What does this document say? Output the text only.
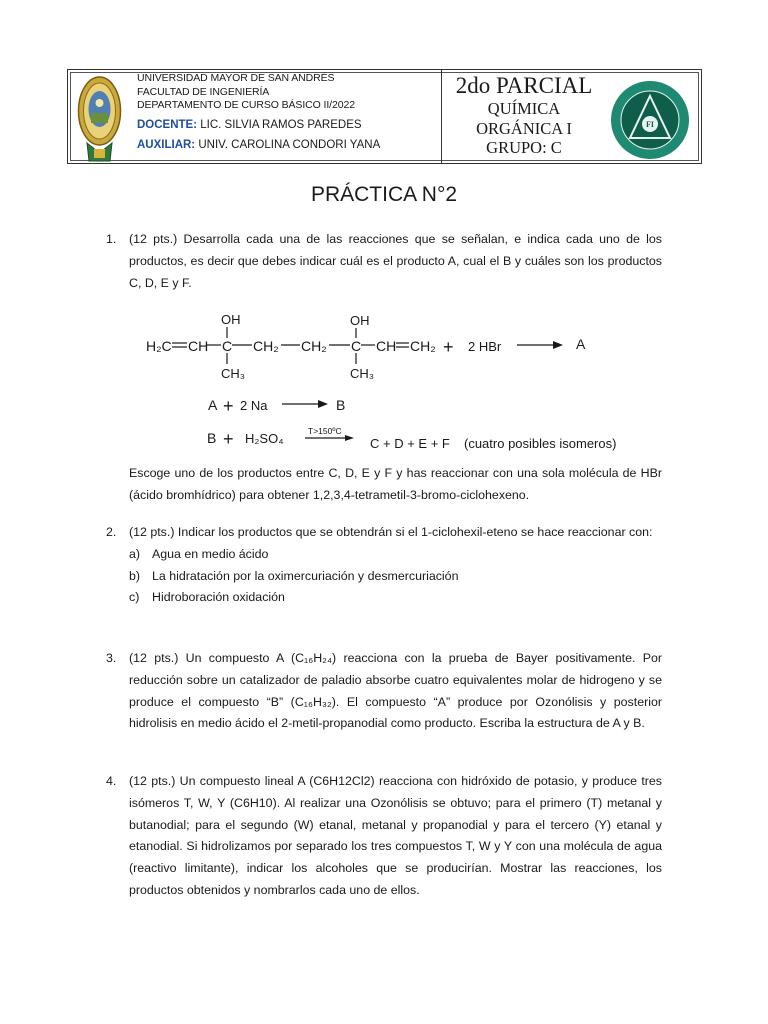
UNIVERSIDAD MAYOR DE SAN ANDRÉS
FACULTAD DE INGENIERÍA
DEPARTAMENTO DE CURSO BÁSICO II/2022
DOCENTE: LIC. SILVIA RAMOS PAREDES
AUXILIAR: UNIV. CAROLINA CONDORI YANA
2do PARCIAL
QUÍMICA
ORGÁNICA I
GRUPO: C
FI
PRÁCTICA N°2
1. (12 pts.) Desarrolla cada una de las reacciones que se señalan, e indica cada uno de los productos, es decir que debes indicar cuál es el producto A, cual el B y cuáles son los productos C, D, E y F.
H₂C CH C CH₂ CH₂ C CH CH₂
OH
CH₃
OH
CH₃
+ 2 HBr	A
A + 2 Na	B
B + H₂SO₄	T>150ºC
C + D + E + F (cuatro posibles isomeros)
Escoge uno de los productos entre C, D, E y F y has reaccionar con una sola molécula de HBr (ácido bromhídrico) para obtener 1,2,3,4-tetrametil-3-bromo-ciclohexeno.
2. (12 pts.) Indicar los productos que se obtendrán si el 1-ciclohexil-eteno se hace reaccionar con:
a) Agua en medio ácido
b) La hidratación por la oximercuriación y desmercuriación
c) Hidroboración oxidación
3. (12 pts.) Un compuesto A (C₁₆H₂₄) reacciona con la prueba de Bayer positivamente. Por reducción sobre un catalizador de paladio absorbe cuatro equivalentes molar de hidrogeno y se produce el compuesto “B” (C₁₆H₃₂). El compuesto “A” produce por Ozonólisis y posterior hidrolisis en medio ácido el 2-metil-propanodial como producto. Escriba la estructura de A y B.
4. (12 pts.) Un compuesto lineal A (C6H12Cl2) reacciona con hidróxido de potasio, y produce tres isómeros T, W, Y (C6H10). Al realizar una Ozonólisis se obtuvo; para el primero (T) metanal y butanodial; para el segundo (W) etanal, metanal y propanodial y para el tercero (Y) etanal y etanodial. Si hidrolizamos por separado los tres compuestos T, W y Y con una molécula de agua (reactivo limitante), indicar los alcoholes que se producirían. Mostrar las reacciones, los productos obtenidos y nombrarlos cada uno de ellos.
